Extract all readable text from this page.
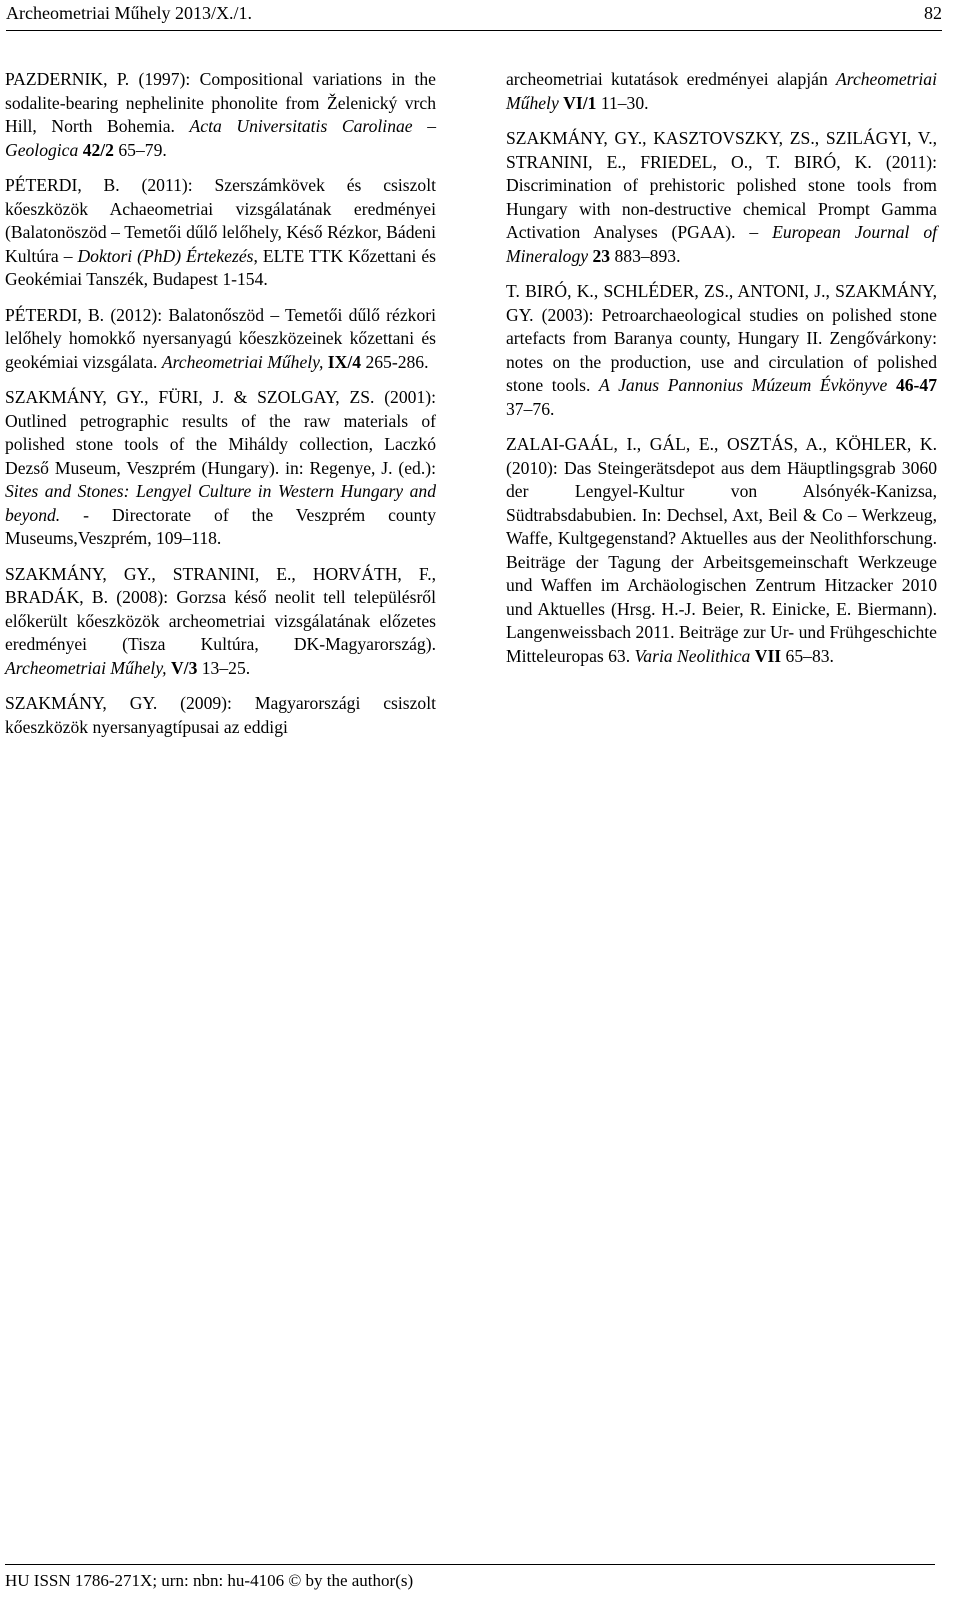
Archeometriai Műhely 2013/X./1.	82

PAZDERNIK, P. (1997): Compositional variations in the sodalite-bearing nephelinite phonolite from Želenický vrch Hill, North Bohemia. Acta Universitatis Carolinae – Geologica 42/2 65–79.

PÉTERDI, B. (2011): Szerszámkövek és csiszolt kőeszközök Achaeometriai vizsgálatának eredményei (Balatonöszöd – Temetői dűlő lelőhely, Késő Rézkor, Bádeni Kultúra – Doktori (PhD) Értekezés, ELTE TTK Kőzettani és Geokémiai Tanszék, Budapest 1-154.

PÉTERDI, B. (2012): Balatonőszöd – Temetői dűlő rézkori lelőhely homokkő nyersanyagú kőeszközeinek kőzettani és geokémiai vizsgálata. Archeometriai Műhely, IX/4 265-286.

SZAKMÁNY, GY., FÜRI, J. & SZOLGAY, ZS. (2001): Outlined petrographic results of the raw materials of polished stone tools of the Miháldy collection, Laczkó Dezső Museum, Veszprém (Hungary). in: Regenye, J. (ed.): Sites and Stones: Lengyel Culture in Western Hungary and beyond. - Directorate of the Veszprém county Museums,Veszprém, 109–118.

SZAKMÁNY, GY., STRANINI, E., HORVÁTH, F., BRADÁK, B. (2008): Gorzsa késő neolit tell településről előkerült kőeszközök archeometriai vizsgálatának előzetes eredményei (Tisza Kultúra, DK-Magyarország). Archeometriai Műhely, V/3 13–25.

SZAKMÁNY, GY. (2009): Magyarországi csiszolt kőeszközök nyersanyagtípusai az eddigi

archeometriai kutatások eredményei alapján Archeometriai Műhely VI/1 11–30.

SZAKMÁNY, GY., KASZTOVSZKY, ZS., SZILÁGYI, V., STRANINI, E., FRIEDEL, O., T. BIRÓ, K. (2011): Discrimination of prehistoric polished stone tools from Hungary with non-destructive chemical Prompt Gamma Activation Analyses (PGAA). – European Journal of Mineralogy 23 883–893.

T. BIRÓ, K., SCHLÉDER, ZS., ANTONI, J., SZAKMÁNY, GY. (2003): Petroarchaeological studies on polished stone artefacts from Baranya county, Hungary II. Zengővárkony: notes on the production, use and circulation of polished stone tools. A Janus Pannonius Múzeum Évkönyve 46-47 37–76.

ZALAI-GAÁL, I., GÁL, E., OSZTÁS, A., KÖHLER, K. (2010): Das Steingerätsdepot aus dem Häuptlingsgrab 3060 der Lengyel-Kultur von Alsónyék-Kanizsa, Südtrabsdabubien. In: Dechsel, Axt, Beil & Co – Werkzeug, Waffe, Kultgegenstand? Aktuelles aus der Neolithforschung. Beiträge der Tagung der Arbeitsgemeinschaft Werkzeuge und Waffen im Archäologischen Zentrum Hitzacker 2010 und Aktuelles (Hrsg. H.-J. Beier, R. Einicke, E. Biermann). Langenweissbach 2011. Beiträge zur Ur- und Frühgeschichte Mitteleuropas 63. Varia Neolithica VII 65–83.

HU ISSN 1786-271X; urn: nbn: hu-4106 © by the author(s)
